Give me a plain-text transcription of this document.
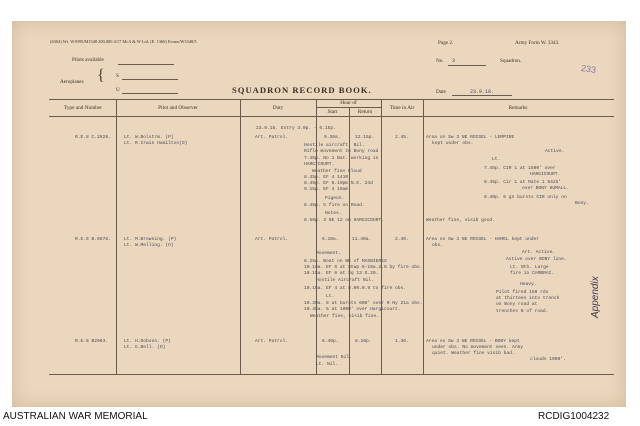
(6304) Wt. W3995/M1548 200,000 4/17 McA & W Ltd. (E. 1366) Forms/W3348/5	Page 2.	Army Form W. 3343.
Pilots available
Aeroplanes { S
U	SQUADRON RECORD BOOK.
No. 3	Squadron.
233
Date	23.9.18.
Type and Number	Pilot and Observer	Duty
Hour of
Start	Return
Time in Air	Remarks
R.E.8 C.2626.	Lt. W.Bolstrm. (P)
Lt. R.Irwin Hamilton(O)
Art. Patrol.	9.30a.	12.15p.	2.45.	Area on Sw 3 NE ROISEL - LEMPIRE
kept under obs.
Lt.
Active.
7.45p. CIR 1 at 1500' over
HARGICOURT.
8.45p. Cir 1 at Rate 1 9425'
over BONY HUMALL.
8.40p. 6 gn bursts CIR only on
Bony.
23.9.18. Entry 3.0p. - 6.15p.
Hostile aircraft. Nil.
Rifle movement to Bony road
7.45p. No 1 Bat. working in
HARGICOURT.
Weather fine Cloud
8.45p. EF 4 1410.
8.49p. EF 6.10pm N.E. 24d
9.15p. EF 4 10am
Pigeon.
8.45p. G fire on Road.
Notes.
8.50p. 3 NE 12 on HARGICOURT.	Weather fine, visib good.
R.E.8 B.6878.	Lt. M.Browning. (P)
Lt. W.Melling. (O)
Art. Patrol.	6.10a.	11.40a.	2.40.	Area on Sw 3 NE ROISEL - HAMEL kept under
obs.
Art. Active.
Active over BONY line.
Lt. Nth. Large
fire in CAMBRAI.
Heavy.
Pilot fired 150 rds
at thirteen into trench
on Bony road at
trenches N of road.
Movement.
8.25a. Boat on NE of MASNIERES
10.10a. EF 6 at Stwp 8-10a.2.8 by fire obs.
10.15a. EF 6 at Sq 13 G.20.
Hostile Aircraft Nil.
10.15a. EF 4 at 8.00.0.9 to fire obs.
Lt.
10.30a. 8 at bursts 600' over R Ny 21a obs.
10.45a. 6 at 1000' over Hargicourt.
Weather fine, visib fine.
R.E.8 B2063.	Lt. H.Dobson. (P)
Lt. G.Bell. (O)
Art. Patrol.	6.40p.	8.10p.	1.30.	Area on Sw 3 NE ROISEL - BONY kept
under obs. No movement seen. Army
quiet. Weather fine visib bad.
clouds 1000'.
Movement Nil.
Lt. Nil.
Appendix
AUSTRALIAN WAR MEMORIAL	RCDIG1004232
